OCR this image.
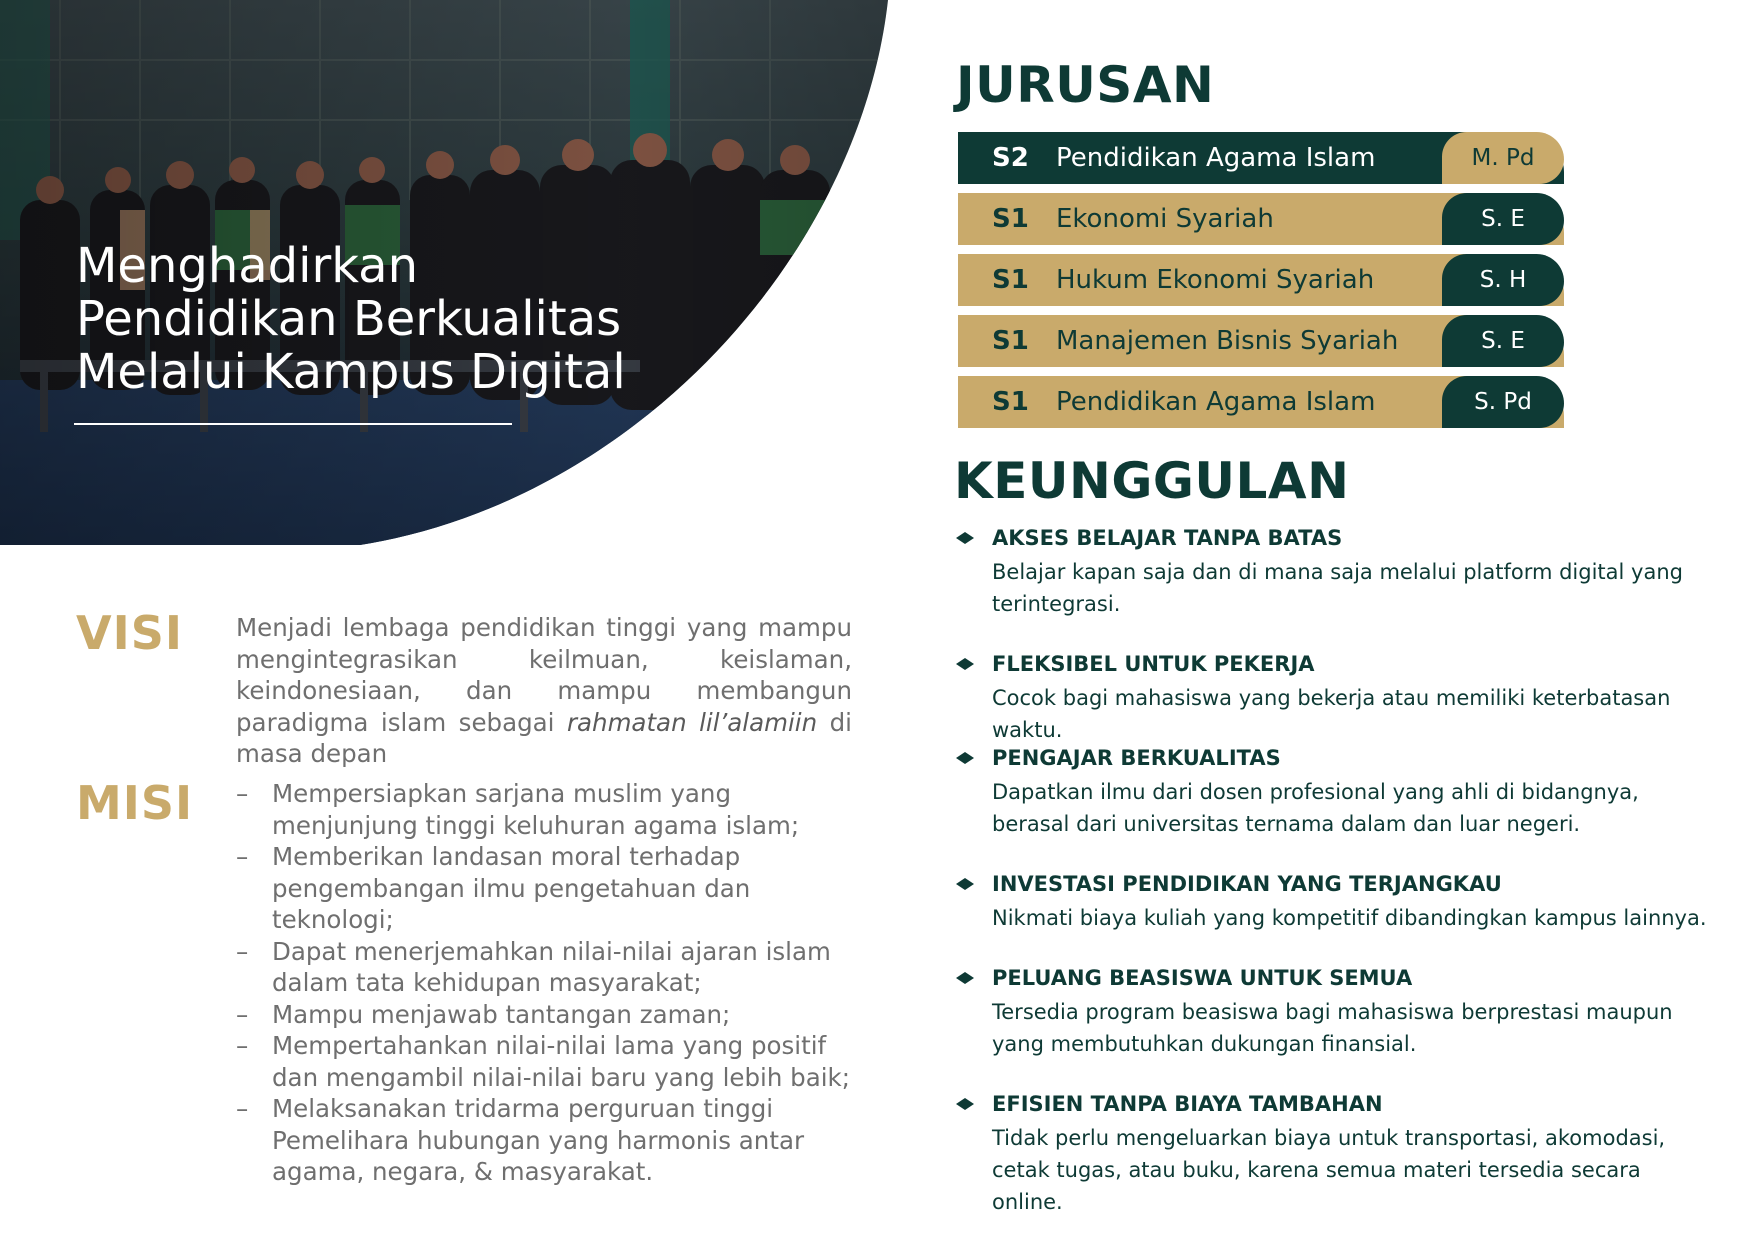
Menghadirkan
Pendidikan Berkualitas
Melalui Kampus Digital
VISI Menjadi lembaga pendidikan tinggi yang mampu mengintegrasikan keilmuan, keislaman, keindonesiaan, dan mampu membangun paradigma islam sebagai rahmatan lil’alamiin di masa depan
MISI – Mempersiapkan sarjana muslim yang menjunjung tinggi keluhuran agama islam;
– Memberikan landasan moral terhadap pengembangan ilmu pengetahuan dan teknologi;
– Dapat menerjemahkan nilai-nilai ajaran islam dalam tata kehidupan masyarakat;
– Mampu menjawab tantangan zaman;
– Mempertahankan nilai-nilai lama yang positif dan mengambil nilai-nilai baru yang lebih baik;
– Melaksanakan tridarma perguruan tinggi Pemelihara hubungan yang harmonis antar agama, negara, & masyarakat.
JURUSAN
S2 Pendidikan Agama Islam	M. Pd
S1 Ekonomi Syariah	S. E
S1 Hukum Ekonomi Syariah	S. H
S1 Manajemen Bisnis Syariah	S. E
S1 Pendidikan Agama Islam	S. Pd
KEUNGGULAN
AKSES BELAJAR TANPA BATAS
Belajar kapan saja dan di mana saja melalui platform digital yang terintegrasi.
FLEKSIBEL UNTUK PEKERJA
Cocok bagi mahasiswa yang bekerja atau memiliki keterbatasan waktu.
PENGAJAR BERKUALITAS
Dapatkan ilmu dari dosen profesional yang ahli di bidangnya, berasal dari universitas ternama dalam dan luar negeri.
INVESTASI PENDIDIKAN YANG TERJANGKAU
Nikmati biaya kuliah yang kompetitif dibandingkan kampus lainnya.
PELUANG BEASISWA UNTUK SEMUA
Tersedia program beasiswa bagi mahasiswa berprestasi maupun yang membutuhkan dukungan finansial.
EFISIEN TANPA BIAYA TAMBAHAN
Tidak perlu mengeluarkan biaya untuk transportasi, akomodasi, cetak tugas, atau buku, karena semua materi tersedia secara online.
